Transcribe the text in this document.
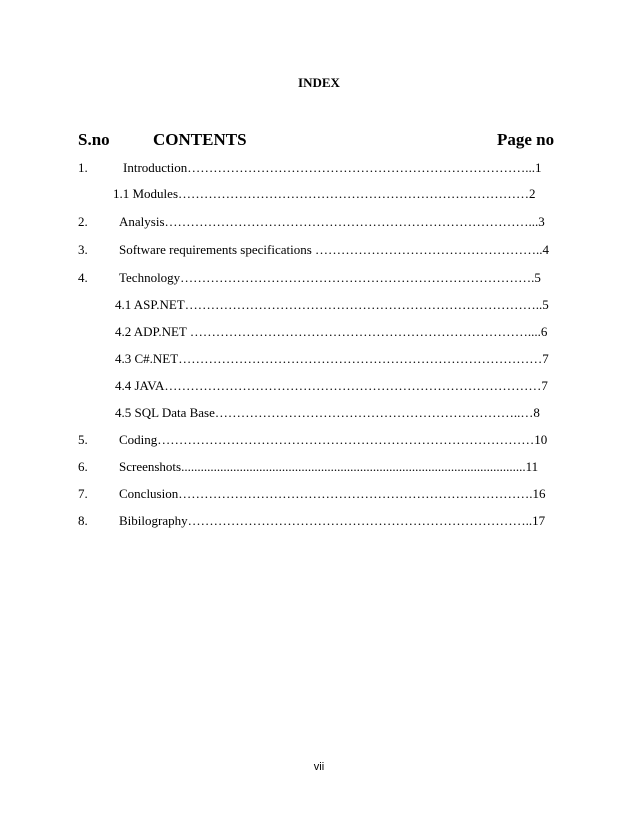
INDEX
S.no	CONTENTS	Page no
1.	Introduction……………………………………………………………………...1
1.1 Modules………………………………………………………………………2
2. Analysis…………………………………………………………………………...3
3. Software requirements specifications ……………………………………………..4
4. Technology……………………………………………………………………….5
4.1 ASP.NET………………………………………………………………………..5
4.2 ADP.NET ……………………………………………………………………....6
4.3 C#.NET…………………………………………………………………………7
4.4 JAVA……………………………………………………………………………7
4.5 SQL Data Base……………………………………………………………..…8
5. Coding……………………………………………………………………………10
6. Screenshots..........................................................................................................11
7. Conclusion……………………………………………………………………….16
8. Bibilography……………………………………………………………………..17
vii
